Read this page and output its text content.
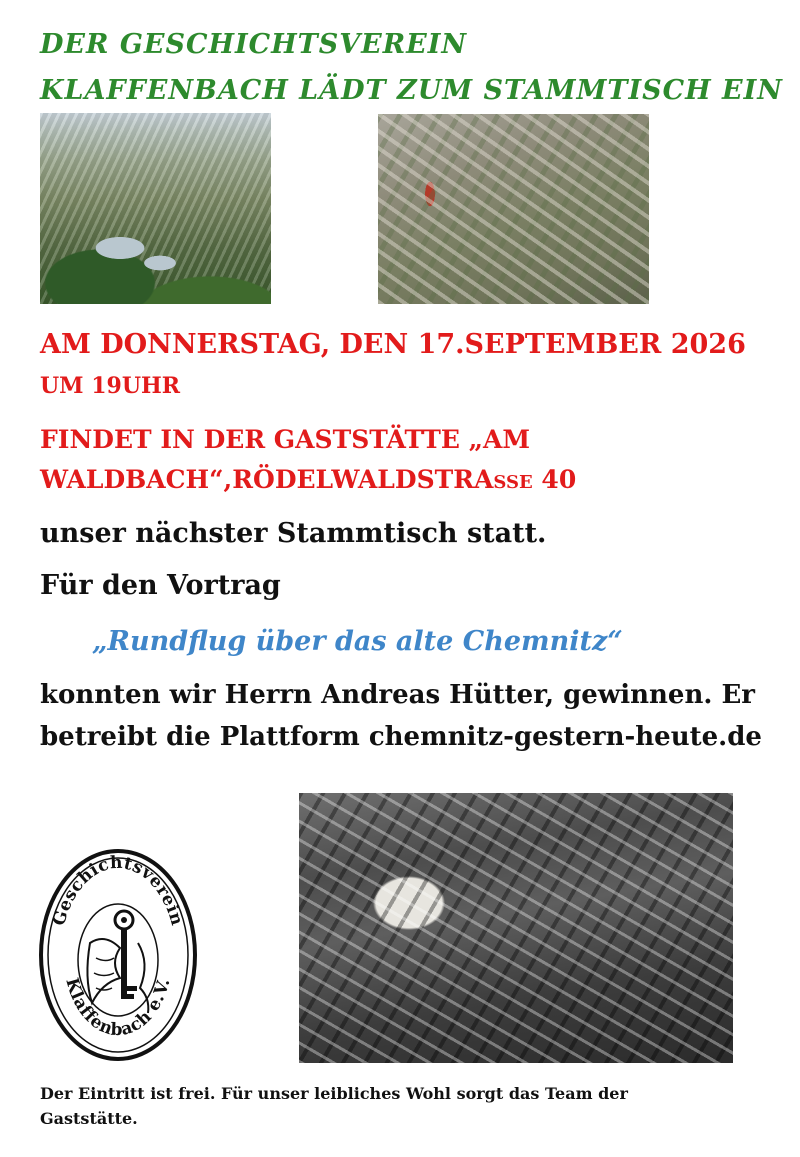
DER GESCHICHTSVEREIN
KLAFFENBACH LÄDT ZUM STAMMTISCH EIN
AM DONNERSTAG, DEN 17.SEPTEMBER 2026
UM 19UHR
FINDET IN DER GASTSTÄTTE „AM
WALDBACH“,RÖDELWALDSTRAße 40
unser nächster Stammtisch statt.
Für den Vortrag
„Rundflug über das alte Chemnitz“
konnten wir Herrn Andreas Hütter, gewinnen. Er
betreibt die Plattform chemnitz-gestern-heute.de
Geschichtsverein
Klaffenbach e.V.
Der Eintritt ist frei. Für unser leibliches Wohl sorgt das Team der
Gaststätte.
